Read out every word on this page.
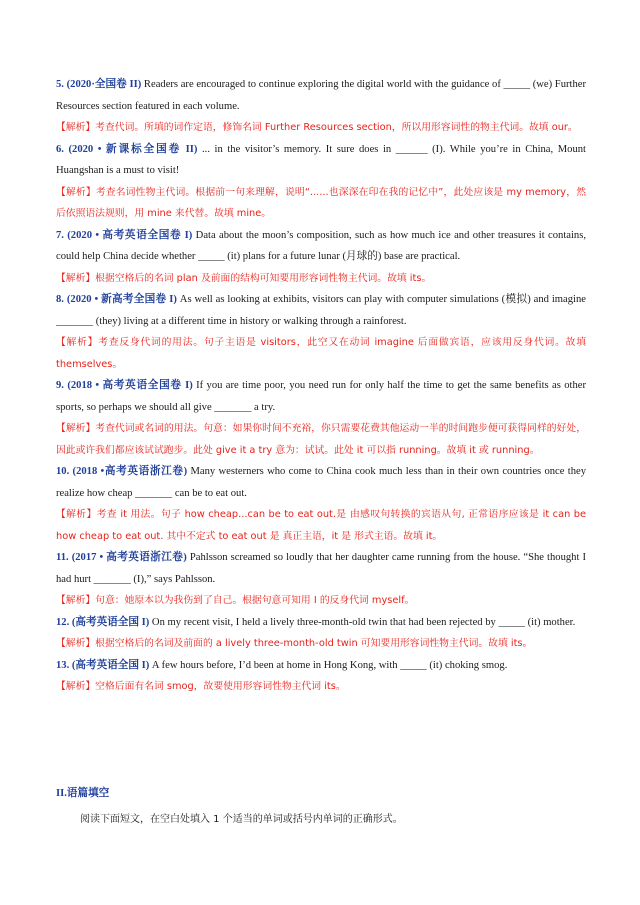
5. (2020·全国卷 II) Readers are encouraged to continue exploring the digital world with the guidance of _____ (we) Further Resources section featured in each volume.

【解析】考查代词。所填的词作定语，修饰名词 Further Resources section，所以用形容词性的物主代词。故填 our。

6. (2020 • 新课标全国卷 II) ... in the visitor’s memory. It sure does in ______ (I). While you’re in China, Mount Huangshan is a must to visit!

【解析】考查名词性物主代词。根据前一句来理解，说明“......也深深在印在我的记忆中”，此处应该是 my memory，然后依照语法规则，用 mine 来代替。故填 mine。

7. (2020 • 高考英语全国卷 I) Data about the moon’s composition, such as how much ice and other treasures it contains, could help China decide whether _____ (it) plans for a future lunar (月球的) base are practical.

【解析】根据空格后的名词 plan 及前面的结构可知要用形容词性物主代词。故填 its。

8. (2020 • 新高考全国卷 I) As well as looking at exhibits, visitors can play with computer simulations (模拟) and imagine _______ (they) living at a different time in history or walking through a rainforest.

【解析】考查反身代词的用法。句子主语是 visitors，此空又在动词 imagine 后面做宾语，应该用反身代词。故填 themselves。

9. (2018 • 高考英语全国卷 I) If you are time poor, you need run for only half the time to get the same benefits as other sports, so perhaps we should all give _______ a try.

【解析】考查代词或名词的用法。句意：如果你时间不充裕，你只需要花费其他运动一半的时间跑步便可获得同样的好处，因此或许我们都应该试试跑步。此处 give it a try 意为：试试。此处 it 可以指 running。故填 it 或 running。

10. (2018 •高考英语浙江卷) Many westerners who come to China cook much less than in their own countries once they realize how cheap _______ can be to eat out.

【解析】考查 it 用法。句子 how cheap...can be to eat out.是 由感叹句转换的宾语从句, 正常语序应该是 it can be how cheap to eat out. 其中不定式 to eat out 是 真正主语，it 是 形式主语。故填 it。

11. (2017 • 高考英语浙江卷) Pahlsson screamed so loudly that her daughter came running from the house. “She thought I had hurt _______ (I),” says Pahlsson.

【解析】句意：她原本以为我伤到了自己。根据句意可知用 I 的反身代词 myself。

12. (高考英语全国 I) On my recent visit, I held a lively three-month-old twin that had been rejected by _____ (it) mother.

【解析】根据空格后的名词及前面的 a lively three-month-old twin 可知要用形容词性物主代词。故填 its。

13. (高考英语全国 I) A few hours before, I’d been at home in Hong Kong, with _____ (it) choking smog.

【解析】空格后面有名词 smog，故要使用形容词性物主代词 its。

II.语篇填空

阅读下面短文，在空白处填入 1 个适当的单词或括号内单词的正确形式。
